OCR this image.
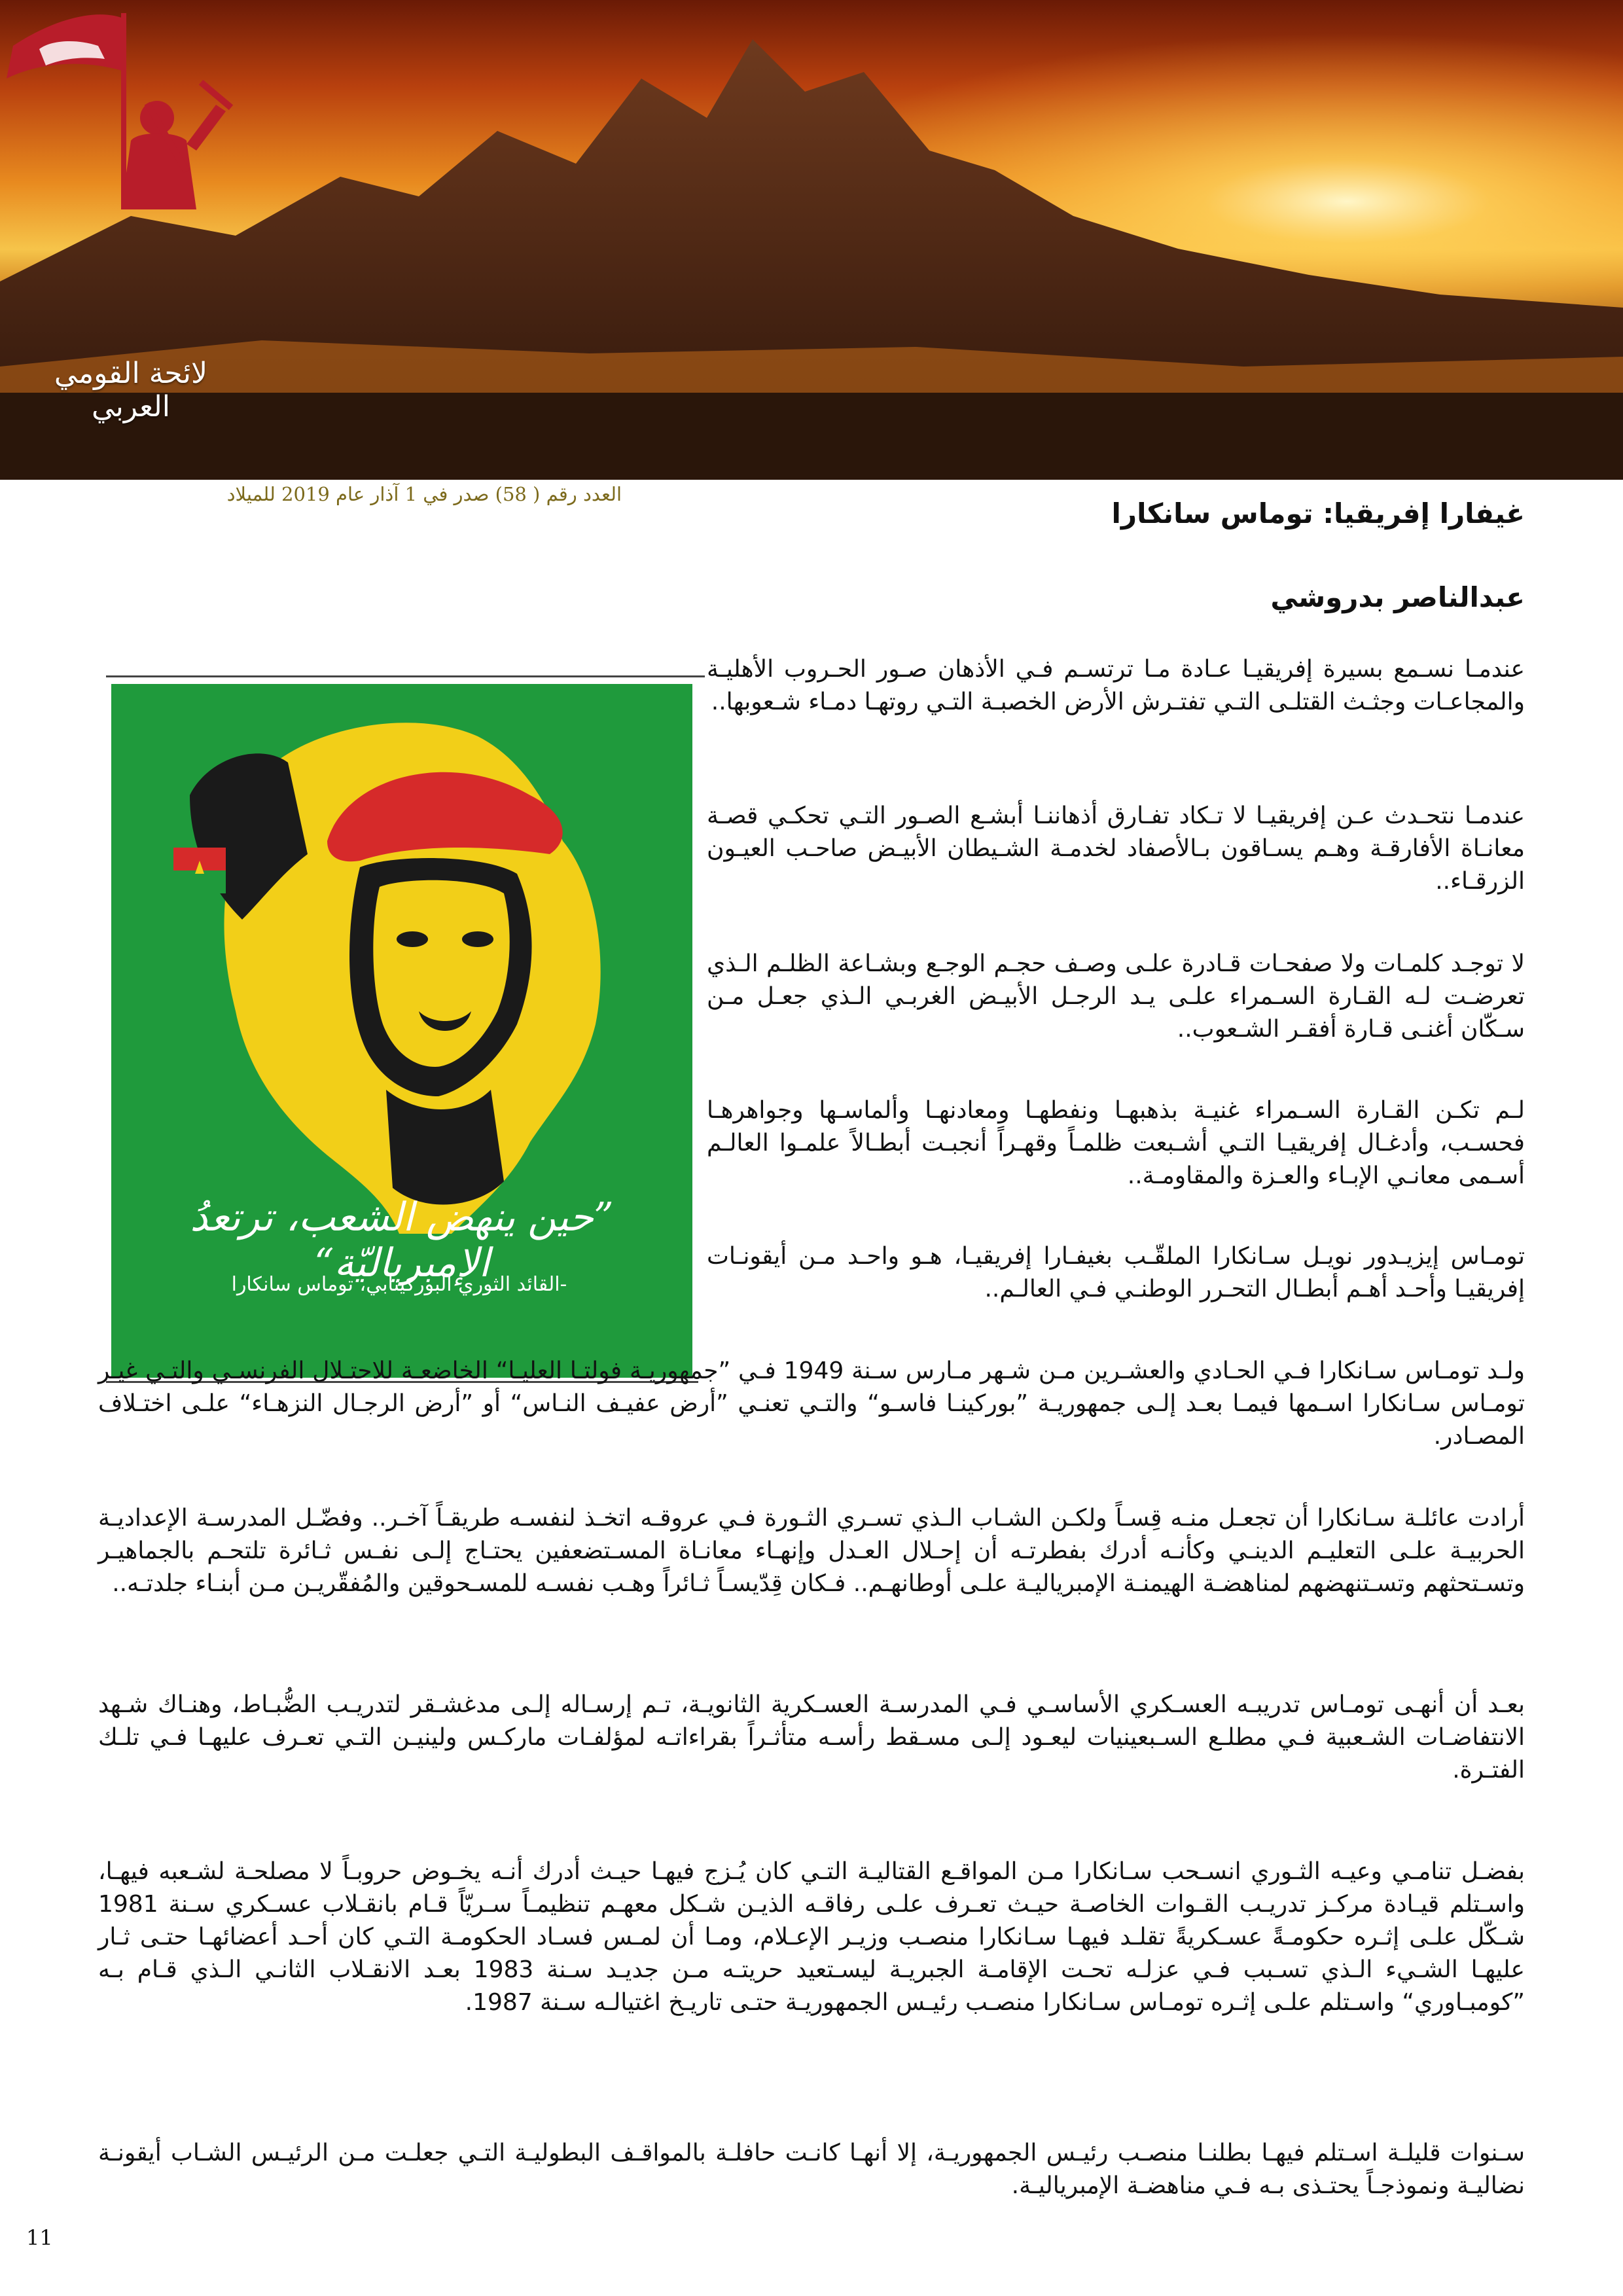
لائحة القومي العربي
العدد رقم ( 58) صدر في 1 آذار عام 2019 للميلاد
غيفارا إفريقيا: توماس سانكارا
عبدالناصر بدروشي
”حين ينهض الشعب، ترتعدُ الإمبرياليّة“
-القائد الثوري البوركينابي، توماس سانكارا

عندمـا نسـمع بسيرة إفريقيـا عـادة مـا ترتسـم فـي الأذهان صـور الحـروب الأهليـة والمجاعـات وجثـث القتلـى التـي تفتـرش الأرض الخصبـة التـي روتهـا دمـاء شـعوبها..

عندمـا نتحـدث عـن إفريقيـا لا تـكاد تفـارق أذهاننـا أبشـع الصـور التـي تحكـي قصـة معانـاة الأفارقـة وهـم يسـاقون بـالأصفاد لخدمـة الشـيطان الأبيـض صاحـب العيـون الزرقـاء..

لا توجـد كلمـات ولا صفحـات قـادرة علـى وصـف حجـم الوجـع وبشـاعة الظلـم الـذي تعرضـت لـه القـارة السـمراء علـى يـد الرجـل الأبيـض الغربـي الـذي جعـل مـن سـكّان أغنـى قـارة أفقـر الشـعوب..

لـم تكـن القـارة السـمراء غنيـة بذهبهـا ونفطهـا ومعادنهـا وألماسـها وجواهرهـا فحسـب، وأدغـال إفريقيـا التـي أشـبعت ظلمـاً وقهـراً أنجبـت أبطـالاً علمـوا العالـم أسـمى معانـي الإبـاء والعـزة والمقاومـة..

تومـاس إيزيـدور نويـل سـانكارا الملقّـب بغيفـارا إفريقيـا، هـو واحـد مـن أيقونـات إفريقيـا وأحـد أهـم أبطـال التحـرر الوطنـي فـي العالـم..

ولـد تومـاس سـانكارا فـي الحـادي والعشـرين مـن شـهر مـارس سـنة 1949 فـي ”جمهوريـة فولتـا العليـا“ الخاضعـة للاحتـلال الفرنسـي والتـي غيـر تومـاس سـانكارا اسـمها فيمـا بعـد إلـى جمهوريـة ”بوركينـا فاسـو“ والتـي تعنـي ”أرض عفيـف النـاس“ أو ”أرض الرجـال النزهـاء“ علـى اختـلاف المصـادر.

أرادت عائلـة سـانكارا أن تجعـل منـه قِسـاً ولكـن الشـاب الـذي تسـري الثـورة فـي عروقـه اتخـذ لنفسـه طريقـاً آخـر.. وفضّـل المدرسـة الإعداديـة الحربيـة علـى التعليـم الدينـي وكأنـه أدرك بفطرتـه أن إحـلال العـدل وإنهـاء معانـاة المسـتضعفين يحتـاج إلـى نفـس ثـائرة تلتحـم بالجماهيـر وتسـتحثهم وتسـتنهضهم لمناهضـة الهيمنـة الإمبرياليـة علـى أوطانهـم.. فـكان قِدّيسـاً ثـائراً وهـب نفسـه للمسـحوقين والمُفقّريـن مـن أبنـاء جلدتـه..

بعـد أن أنهـى تومـاس تدريبـه العسـكري الأساسـي فـي المدرسـة العسـكرية الثانويـة، تـم إرسـاله إلـى مدغشـقر لتدريـب الضُّبـاط، وهنـاك شـهد الانتفاضـات الشـعبية فـي مطلـع السـبعينيات ليعـود إلـى مسـقط رأسـه متأثـراً بقراءاتـه لمؤلفـات ماركـس ولينيـن التـي تعـرف عليهـا فـي تلـك الفتـرة.

بفضـل تنامـي وعيـه الثـوري انسـحب سـانكارا مـن المواقـع القتاليـة التـي كان يُـزج فيهـا حيـث أدرك أنـه يخـوض حروبـاً لا مصلحـة لشـعبه فيهـا، واسـتلم قيـادة مركـز تدريـب القـوات الخاصـة حيـث تعـرف علـى رفاقـه الذيـن شـكل معهـم تنظيمـاً سـريّاً قـام بانقـلاب عسـكري سـنة 1981 شـكّل علـى إثـره حكومـةً عسـكريةً تقلـد فيهـا سـانكارا منصـب وزيـر الإعـلام، ومـا أن لمـس فسـاد الحكومـة التـي كان أحـد أعضائهـا حتـى ثـار عليهـا الشـيء الـذي تسـبب فـي عزلـه تحـت الإقامـة الجبريـة ليسـتعيد حريتـه مـن جديـد سـنة 1983 بعـد الانقـلاب الثانـي الـذي قـام بـه ”كومبـاوري“ واسـتلم علـى إثـره تومـاس سـانكارا منصـب رئيـس الجمهوريـة حتـى تاريـخ اغتيالـه سـنة 1987.

سـنوات قليلـة اسـتلم فيهـا بطلنـا منصـب رئيـس الجمهوريـة، إلا أنهـا كانـت حافلـة بالمواقـف البطوليـة التـي جعلـت مـن الرئيـس الشـاب أيقونـة نضاليـة ونموذجـاً يحتـذى بـه فـي مناهضـة الإمبرياليـة.

11
